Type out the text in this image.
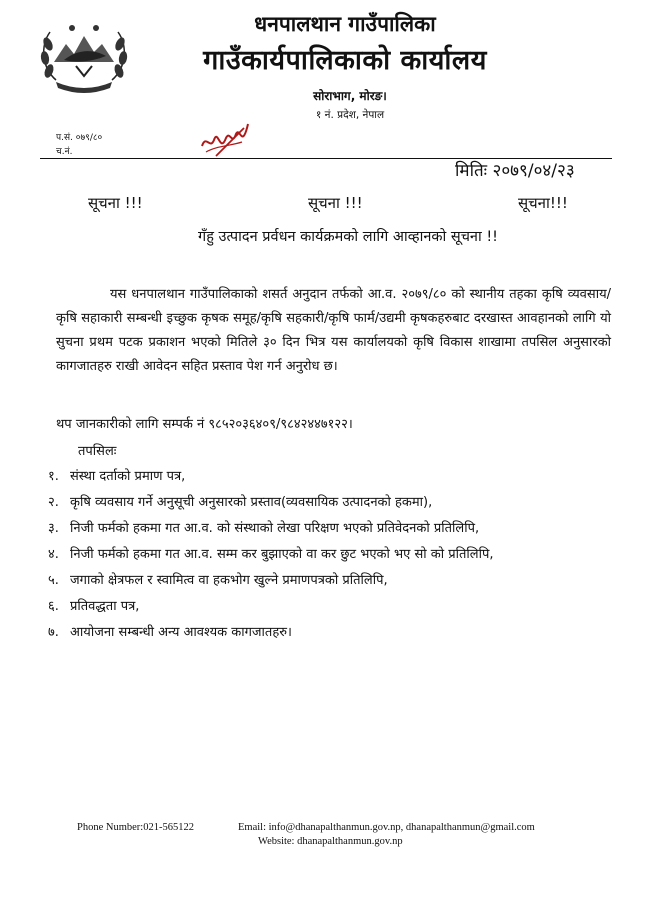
धनपालथान गाउँपालिका
गाउँकार्यपालिकाको कार्यालय
सोराभाग, मोरङ।
१ नं. प्रदेश, नेपाल
प.सं. ०७९/८०
च.नं.
मितिः २०७९/०४/२३
सूचना !!!	सूचना !!!	सूचना!!!
गँहु उत्पादन प्रर्वधन कार्यक्रमको लागि आव्हानको सूचना !!
यस धनपालथान गाउँपालिकाको शसर्त अनुदान तर्फको आ.व. २०७९/८० को स्थानीय तहका कृषि व्यवसाय/ कृषि सहाकारी सम्बन्धी इच्छुक कृषक समूह/कृषि सहकारी/कृषि फार्म/उद्यमी कृषकहरुबाट दरखास्त आवहानको लागि यो सुचना प्रथम पटक प्रकाशन भएको मितिले ३० दिन भित्र यस कार्यालयको कृषि विकास शाखामा तपसिल अनुसारको कागजातहरु राखी आवेदन सहित प्रस्ताव पेश गर्न अनुरोध छ।
थप जानकारीको लागि सम्पर्क नं ९८५२०३६४०९/९८४२४४७१२२।
तपसिलः
१. संस्था दर्ताको प्रमाण पत्र,
२. कृषि व्यवसाय गर्ने अनुसूची अनुसारको प्रस्ताव(व्यवसायिक उत्पादनको हकमा),
३. निजी फर्मको हकमा गत आ.व. को संस्थाको लेखा परिक्षण भएको प्रतिवेदनको प्रतिलिपि,
४. निजी फर्मको हकमा गत आ.व. सम्म कर बुझाएको वा कर छुट भएको भए सो को प्रतिलिपि,
५. जगाको क्षेत्रफल र स्वामित्व वा हकभोग खुल्ने प्रमाणपत्रको प्रतिलिपि,
६. प्रतिवद्धता पत्र,
७. आयोजना सम्बन्धी अन्य आवश्यक कागजातहरु।
Phone Number:021-565122	Email: info@dhanapalthanmun.gov.np, dhanapalthanmun@gmail.com
Website: dhanapalthanmun.gov.np
